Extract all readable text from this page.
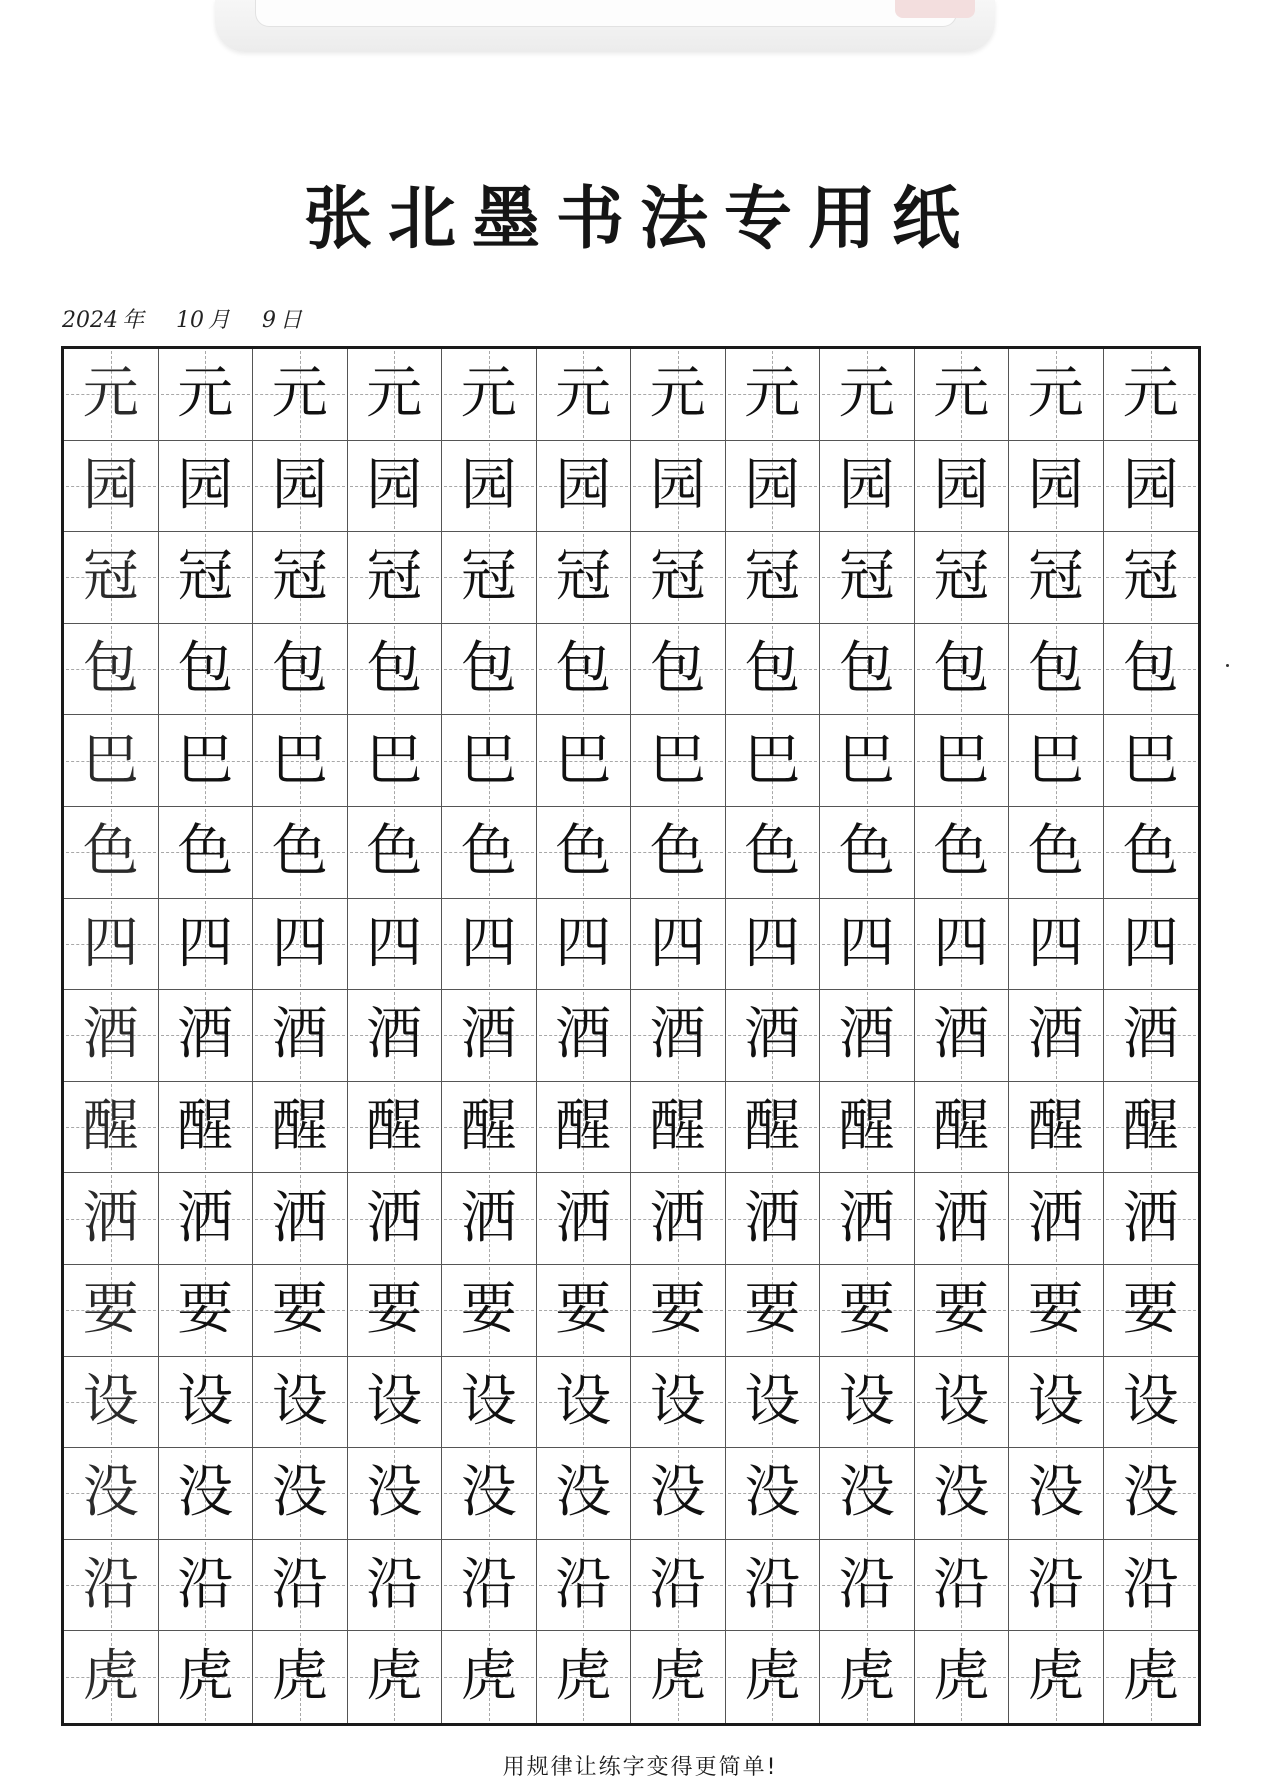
张北墨书法专用纸
2024 年 10 月 9 日
元 元 元 元 元 元 元 元 元 元 元 元
园 园 园 园 园 园 园 园 园 园 园 园
冠 冠 冠 冠 冠 冠 冠 冠 冠 冠 冠 冠
包 包 包 包 包 包 包 包 包 包 包 包
巴 巴 巴 巴 巴 巴 巴 巴 巴 巴 巴 巴
色 色 色 色 色 色 色 色 色 色 色 色
四 四 四 四 四 四 四 四 四 四 四 四
酒 酒 酒 酒 酒 酒 酒 酒 酒 酒 酒 酒
醒 醒 醒 醒 醒 醒 醒 醒 醒 醒 醒 醒
洒 洒 洒 洒 洒 洒 洒 洒 洒 洒 洒 洒
要 要 要 要 要 要 要 要 要 要 要 要
设 设 设 设 设 设 设 设 设 设 设 设
没 没 没 没 没 没 没 没 没 没 没 没
沿 沿 沿 沿 沿 沿 沿 沿 沿 沿 沿 沿
虎 虎 虎 虎 虎 虎 虎 虎 虎 虎 虎 虎
用规律让练字变得更简单!
